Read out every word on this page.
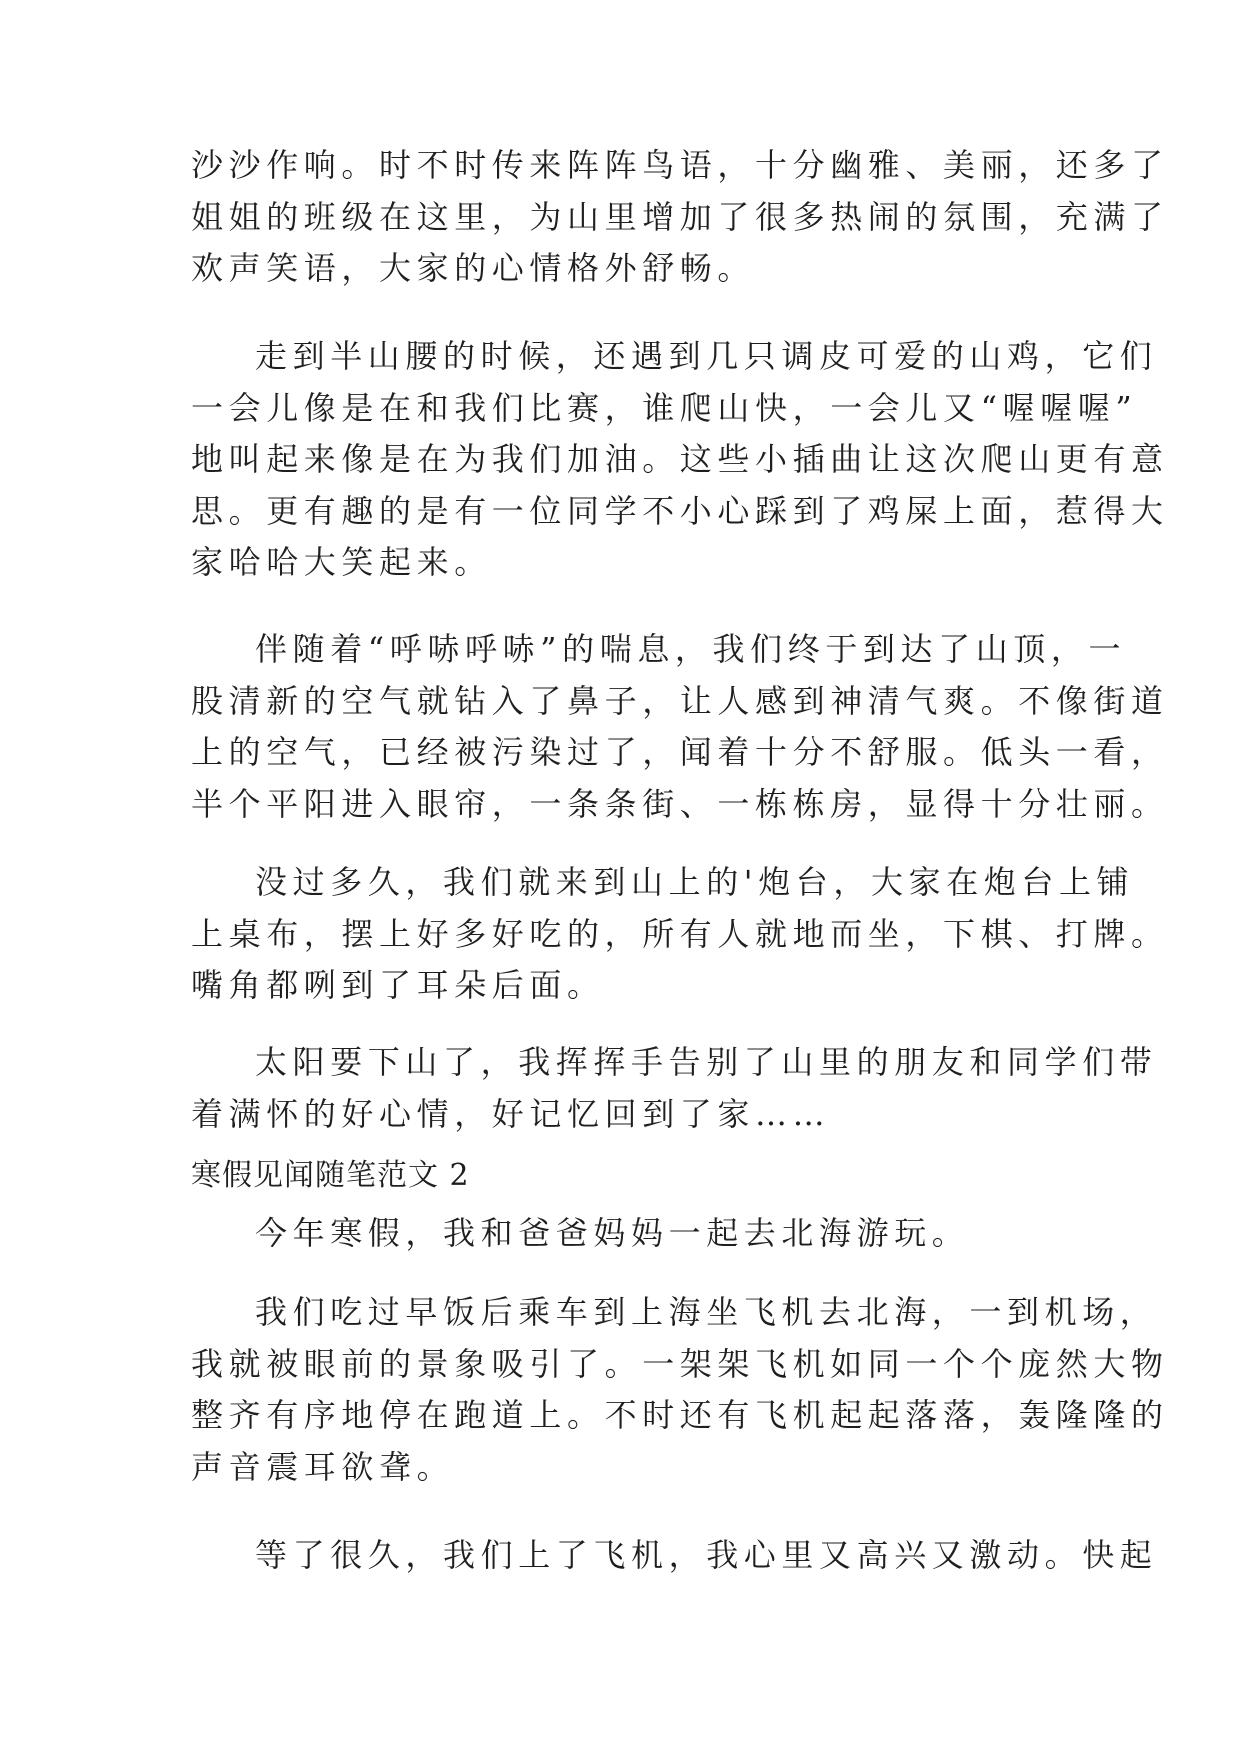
沙沙作响。时不时传来阵阵鸟语，十分幽雅、美丽，还多了
姐姐的班级在这里，为山里增加了很多热闹的氛围，充满了
欢声笑语，大家的心情格外舒畅。
走到半山腰的时候，还遇到几只调皮可爱的山鸡，它们
一会儿像是在和我们比赛，谁爬山快，一会儿又“喔喔喔”
地叫起来像是在为我们加油。这些小插曲让这次爬山更有意
思。更有趣的是有一位同学不小心踩到了鸡屎上面，惹得大
家哈哈大笑起来。
伴随着“呼哧呼哧”的喘息，我们终于到达了山顶，一
股清新的空气就钻入了鼻子，让人感到神清气爽。不像街道
上的空气，已经被污染过了，闻着十分不舒服。低头一看，
半个平阳进入眼帘，一条条街、一栋栋房，显得十分壮丽。
没过多久，我们就来到山上的'炮台，大家在炮台上铺
上桌布，摆上好多好吃的，所有人就地而坐，下棋、打牌。
嘴角都咧到了耳朵后面。
太阳要下山了，我挥挥手告别了山里的朋友和同学们带
着满怀的好心情，好记忆回到了家……
寒假见闻随笔范文 2
今年寒假，我和爸爸妈妈一起去北海游玩。
我们吃过早饭后乘车到上海坐飞机去北海，一到机场，
我就被眼前的景象吸引了。一架架飞机如同一个个庞然大物
整齐有序地停在跑道上。不时还有飞机起起落落，轰隆隆的
声音震耳欲聋。
等了很久，我们上了飞机，我心里又高兴又激动。快起
